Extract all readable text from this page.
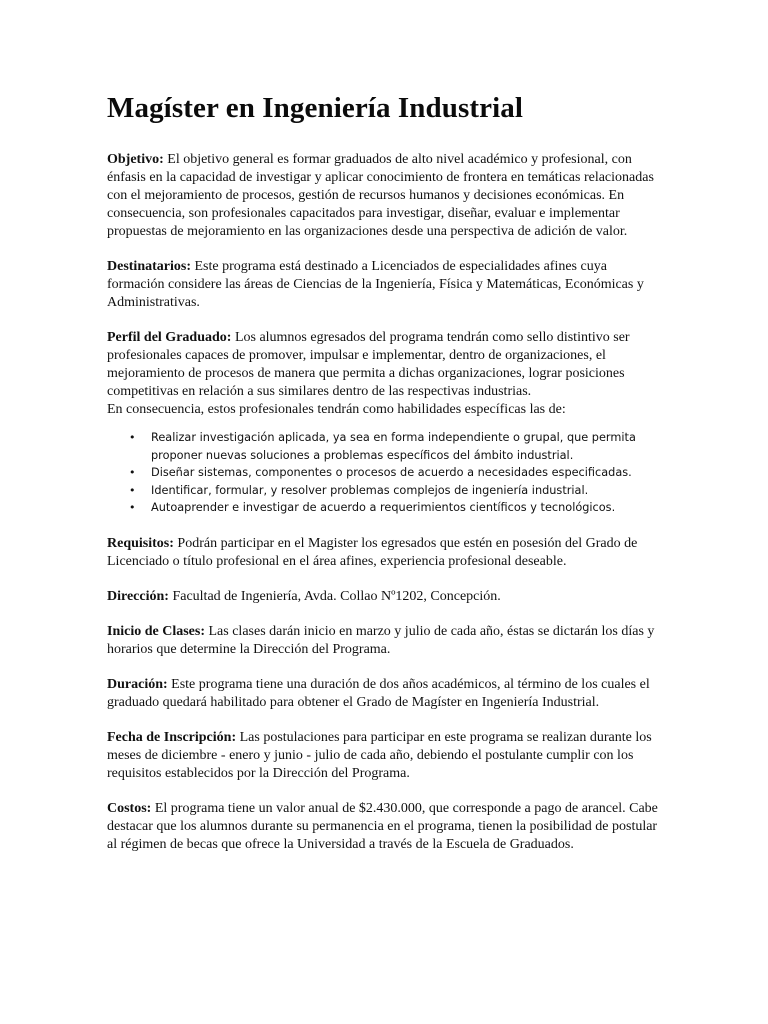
Magíster en Ingeniería Industrial

Objetivo: El objetivo general es formar graduados de alto nivel académico y profesional, con énfasis en la capacidad de investigar y aplicar conocimiento de frontera en temáticas relacionadas con el mejoramiento de procesos, gestión de recursos humanos y decisiones económicas. En consecuencia, son profesionales capacitados para investigar, diseñar, evaluar e implementar propuestas de mejoramiento en las organizaciones desde una perspectiva de adición de valor.

Destinatarios: Este programa está destinado a Licenciados de especialidades afines cuya formación considere las áreas de Ciencias de la Ingeniería, Física y Matemáticas, Económicas y Administrativas.

Perfil del Graduado: Los alumnos egresados del programa tendrán como sello distintivo ser profesionales capaces de promover, impulsar e implementar, dentro de organizaciones, el mejoramiento de procesos de manera que permita a dichas organizaciones, lograr posiciones competitivas en relación a sus similares dentro de las respectivas industrias.
En consecuencia, estos profesionales tendrán como habilidades específicas las de:
• Realizar investigación aplicada, ya sea en forma independiente o grupal, que permita proponer nuevas soluciones a problemas específicos del ámbito industrial.
• Diseñar sistemas, componentes o procesos de acuerdo a necesidades especificadas.
• Identificar, formular, y resolver problemas complejos de ingeniería industrial.
• Autoaprender e investigar de acuerdo a requerimientos científicos y tecnológicos.

Requisitos: Podrán participar en el Magister los egresados que estén en posesión del Grado de Licenciado o título profesional en el área afines, experiencia profesional deseable.

Dirección: Facultad de Ingeniería, Avda. Collao Nº1202, Concepción.

Inicio de Clases: Las clases darán inicio en marzo y julio de cada año, éstas se dictarán los días y horarios que determine la Dirección del Programa.

Duración: Este programa tiene una duración de dos años académicos, al término de los cuales el graduado quedará habilitado para obtener el Grado de Magíster en Ingeniería Industrial.

Fecha de Inscripción: Las postulaciones para participar en este programa se realizan durante los meses de diciembre - enero y junio - julio de cada año, debiendo el postulante cumplir con los requisitos establecidos por la Dirección del Programa.

Costos: El programa tiene un valor anual de $2.430.000, que corresponde a pago de arancel. Cabe destacar que los alumnos durante su permanencia en el programa, tienen la posibilidad de postular al régimen de becas que ofrece la Universidad a través de la Escuela de Graduados.
